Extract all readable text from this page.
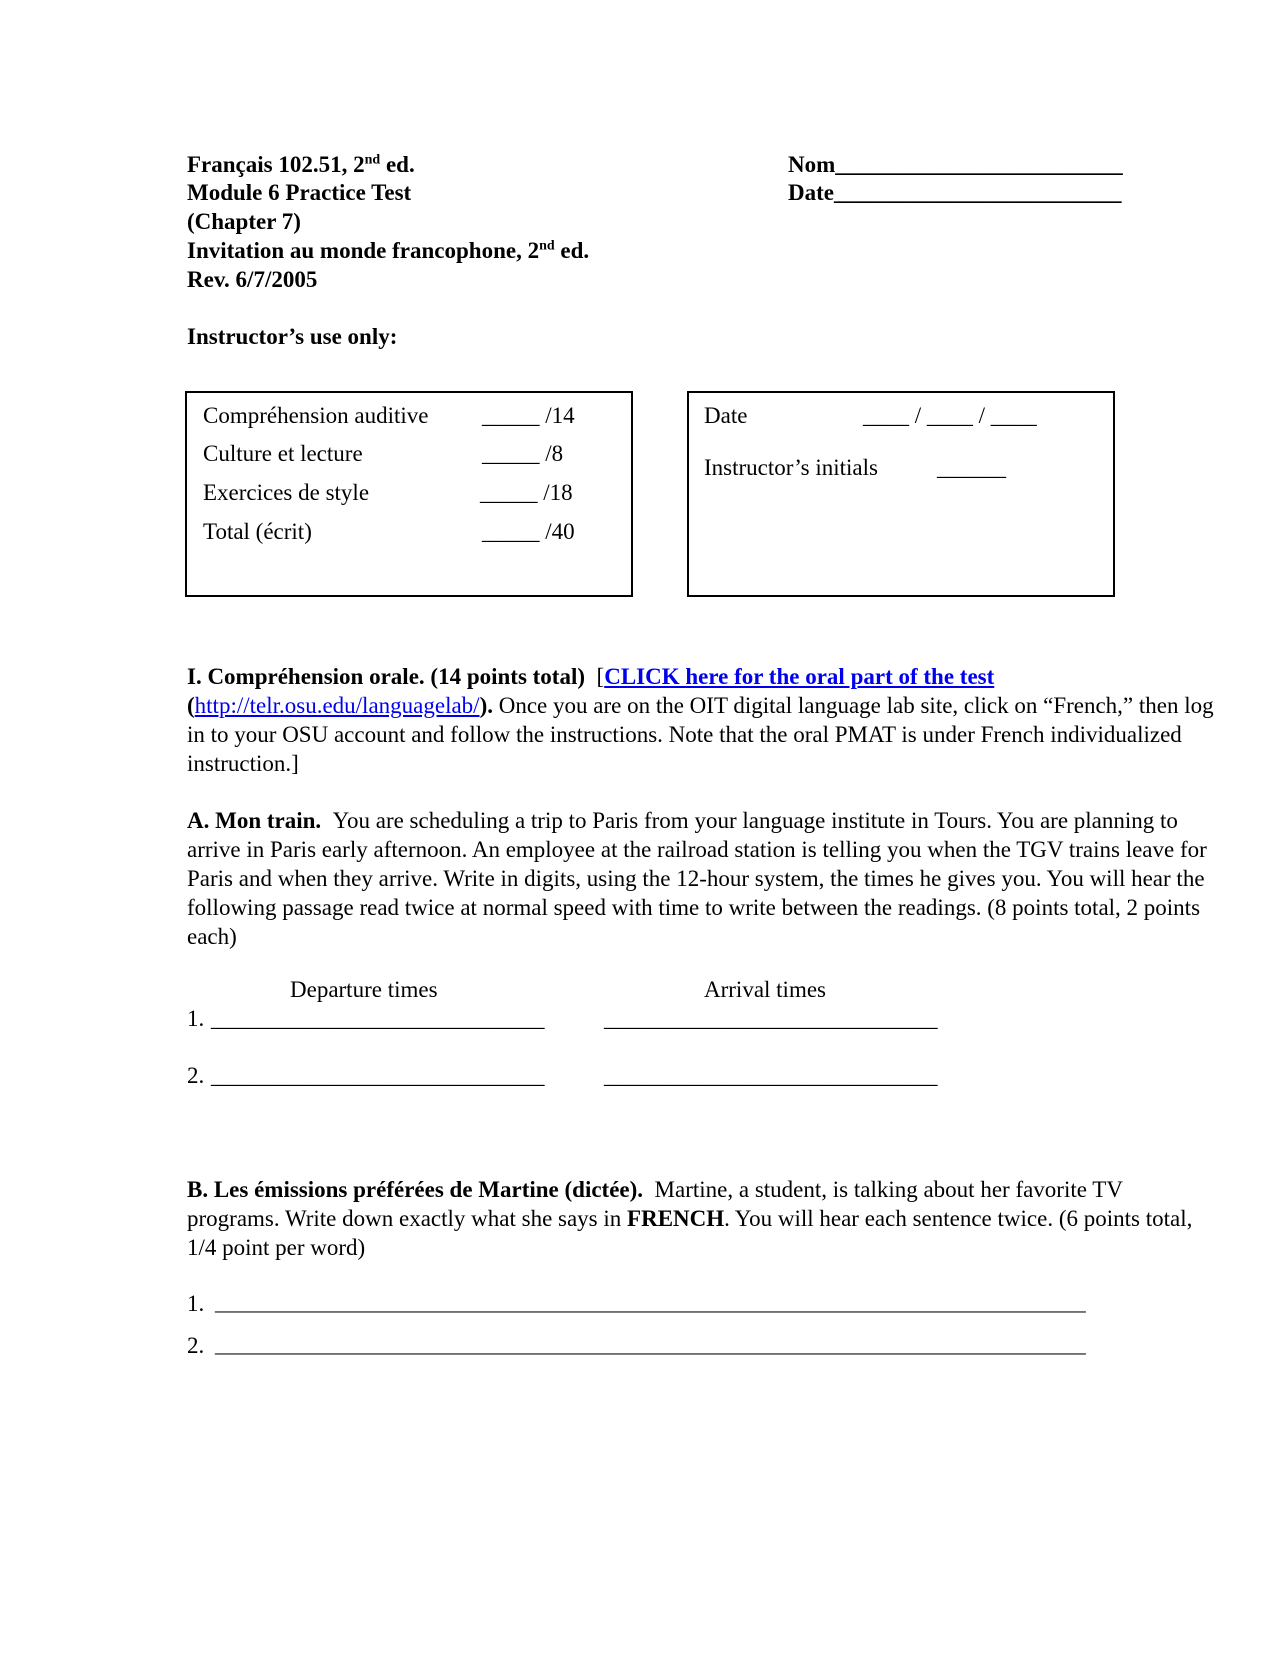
Français 102.51, 2nd ed.
Module 6 Practice Test
(Chapter 7)
Invitation au monde francophone, 2nd ed.
Rev. 6/7/2005
Nom_________________________
Date_________________________
Instructor’s use only:
Compréhension auditive _____ /14
Culture et lecture	_____ /8
Exercices de style	_____ /18
Total (écrit)	_____ /40
Date	____ / ____ / ____
Instructor’s initials	______
I. Compréhension orale. (14 points total) [CLICK here for the oral part of the test
(http://telr.osu.edu/languagelab/). Once you are on the OIT digital language lab site, click on “French,” then log in to your OSU account and follow the instructions. Note that the oral PMAT is under French individualized instruction.]
A. Mon train. You are scheduling a trip to Paris from your language institute in Tours. You are planning to arrive in Paris early afternoon. An employee at the railroad station is telling you when the TGV trains leave for Paris and when they arrive. Write in digits, using the 12-hour system, the times he gives you. You will hear the following passage read twice at normal speed with time to write between the readings. (8 points total, 2 points each)
Departure times	Arrival times
1. _____________________________	_____________________________
2. _____________________________	_____________________________
B. Les émissions préférées de Martine (dictée). Martine, a student, is talking about her favorite TV programs. Write down exactly what she says in FRENCH. You will hear each sentence twice. (6 points total, 1/4 point per word)
1. _________________________________________________________________________________
2. _________________________________________________________________________________
